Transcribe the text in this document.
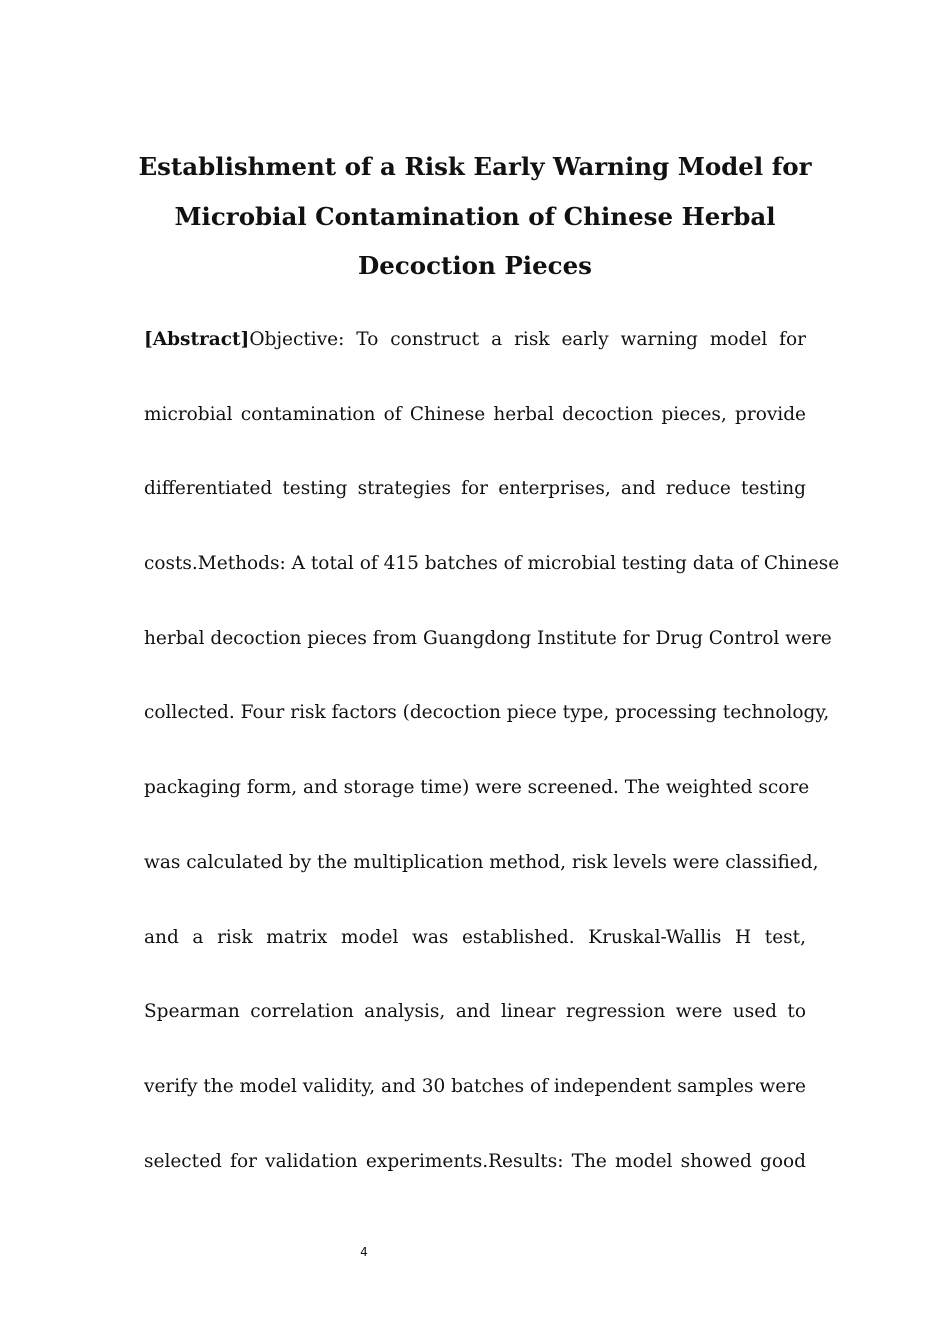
Establishment of a Risk Early Warning Model for
Microbial Contamination of Chinese Herbal
Decoction Pieces
[Abstract]Objective: To construct a risk early warning model for
microbial contamination of Chinese herbal decoction pieces, provide
differentiated testing strategies for enterprises, and reduce testing
costs.Methods: A total of 415 batches of microbial testing data of Chinese
herbal decoction pieces from Guangdong Institute for Drug Control were
collected. Four risk factors (decoction piece type, processing technology,
packaging form, and storage time) were screened. The weighted score
was calculated by the multiplication method, risk levels were classified,
and a risk matrix model was established. Kruskal-Wallis H test,
Spearman correlation analysis, and linear regression were used to
verify the model validity, and 30 batches of independent samples were
selected for validation experiments.Results: The model showed good

4
